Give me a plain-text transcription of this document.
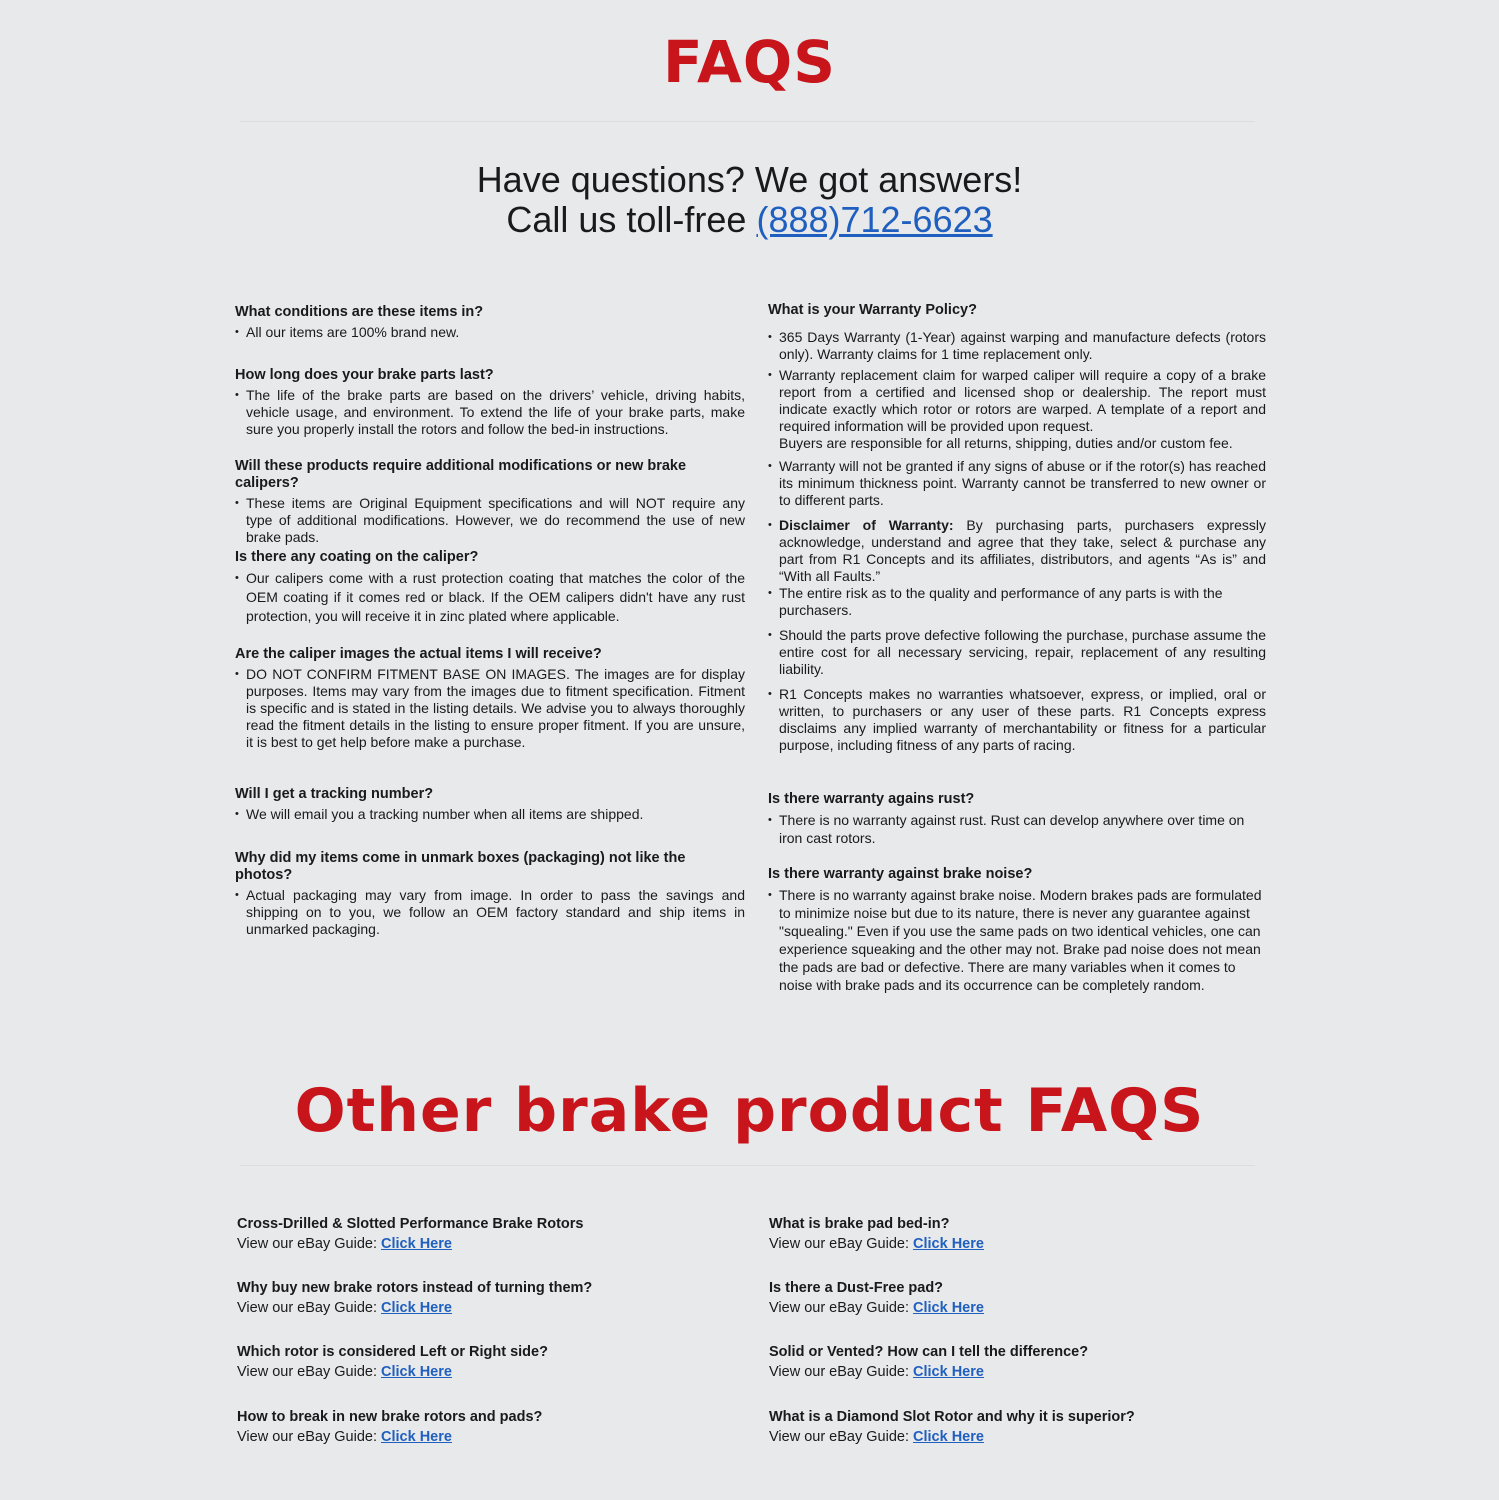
FAQS
Have questions? We got answers!
Call us toll-free (888)712-6623
What conditions are these items in?
• All our items are 100% brand new.
How long does your brake parts last?
• The life of the brake parts are based on the drivers’ vehicle, driving habits, vehicle usage, and environment. To extend the life of your brake parts, make sure you properly install the rotors and follow the bed-in instructions.
Will these products require additional modifications or new brake calipers?
• These items are Original Equipment specifications and will NOT require any type of additional modifications. However, we do recommend the use of new brake pads.
Is there any coating on the caliper?
• Our calipers come with a rust protection coating that matches the color of the OEM coating if it comes red or black. If the OEM calipers didn't have any rust protection, you will receive it in zinc plated where applicable.
Are the caliper images the actual items I will receive?
• DO NOT CONFIRM FITMENT BASE ON IMAGES. The images are for display purposes. Items may vary from the images due to fitment specification. Fitment is specific and is stated in the listing details. We advise you to always thoroughly read the fitment details in the listing to ensure proper fitment. If you are unsure, it is best to get help before make a purchase.
Will I get a tracking number?
• We will email you a tracking number when all items are shipped.
Why did my items come in unmark boxes (packaging) not like the photos?
• Actual packaging may vary from image. In order to pass the savings and shipping on to you, we follow an OEM factory standard and ship items in unmarked packaging.
What is your Warranty Policy?
• 365 Days Warranty (1-Year) against warping and manufacture defects (rotors only). Warranty claims for 1 time replacement only.
• Warranty replacement claim for warped caliper will require a copy of a brake report from a certified and licensed shop or dealership. The report must indicate exactly which rotor or rotors are warped. A template of a report and required information will be provided upon request.
Buyers are responsible for all returns, shipping, duties and/or custom fee.
• Warranty will not be granted if any signs of abuse or if the rotor(s) has reached its minimum thickness point. Warranty cannot be transferred to new owner or to different parts.
• Disclaimer of Warranty: By purchasing parts, purchasers expressly acknowledge, understand and agree that they take, select & purchase any part from R1 Concepts and its affiliates, distributors, and agents “As is” and “With all Faults.”
• The entire risk as to the quality and performance of any parts is with the purchasers.
• Should the parts prove defective following the purchase, purchase assume the entire cost for all necessary servicing, repair, replacement of any resulting liability.
• R1 Concepts makes no warranties whatsoever, express, or implied, oral or written, to purchasers or any user of these parts. R1 Concepts express disclaims any implied warranty of merchantability or fitness for a particular purpose, including fitness of any parts of racing.
Is there warranty agains rust?
• There is no warranty against rust. Rust can develop anywhere over time on iron cast rotors.
Is there warranty against brake noise?
• There is no warranty against brake noise. Modern brakes pads are formulated to minimize noise but due to its nature, there is never any guarantee against "squealing." Even if you use the same pads on two identical vehicles, one can experience squeaking and the other may not. Brake pad noise does not mean the pads are bad or defective. There are many variables when it comes to noise with brake pads and its occurrence can be completely random.
Other brake product FAQS
Cross-Drilled & Slotted Performance Brake Rotors
View our eBay Guide: Click Here
Why buy new brake rotors instead of turning them?
View our eBay Guide: Click Here
Which rotor is considered Left or Right side?
View our eBay Guide: Click Here
How to break in new brake rotors and pads?
View our eBay Guide: Click Here
What is brake pad bed-in?
View our eBay Guide: Click Here
Is there a Dust-Free pad?
View our eBay Guide: Click Here
Solid or Vented? How can I tell the difference?
View our eBay Guide: Click Here
What is a Diamond Slot Rotor and why it is superior?
View our eBay Guide: Click Here
